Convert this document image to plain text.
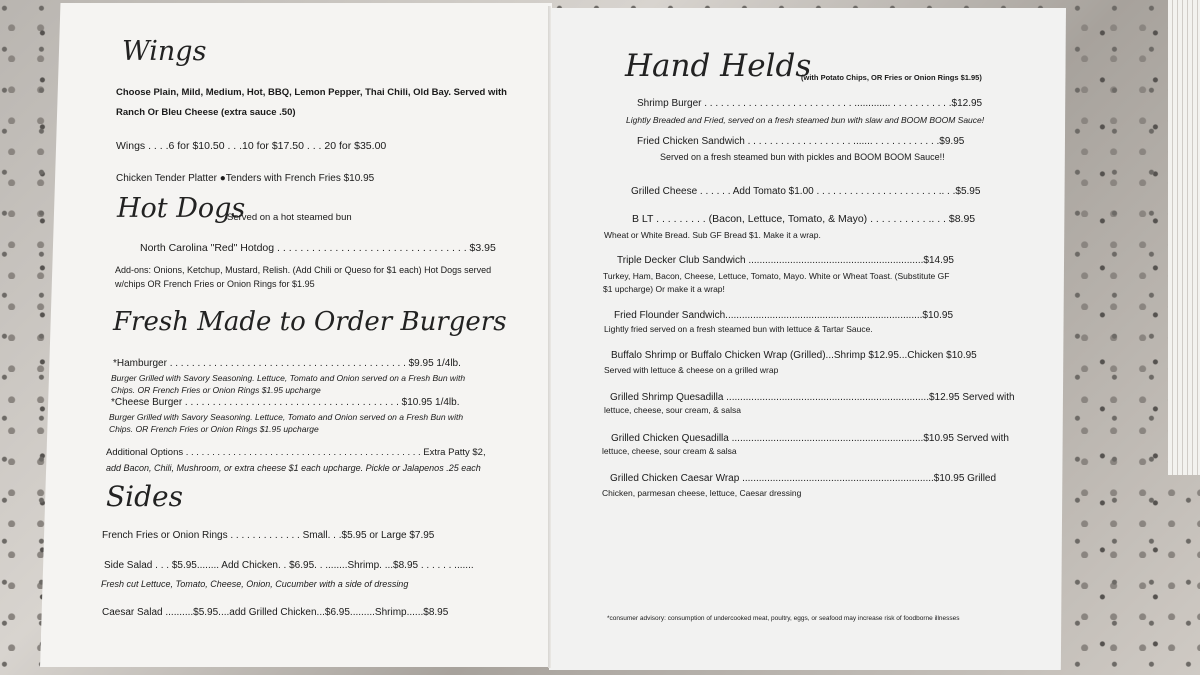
Wings
Choose Plain, Mild, Medium, Hot, BBQ, Lemon Pepper, Thai Chili, Old Bay. Served with
Ranch Or Bleu Cheese (extra sauce .50)
Wings . . . .6 for $10.50 . . .10 for $17.50 . . . 20 for $35.00
Chicken Tender Platter ●Tenders with French Fries $10.95
Hot Dogs
Served on a hot steamed bun
North Carolina "Red" Hotdog . . . . . . . . . . . . . . . . . . . . . . . . . . . . . . . . . $3.95
Add-ons: Onions, Ketchup, Mustard, Relish. (Add Chili or Queso for $1 each) Hot Dogs served
w/chips OR French Fries or Onion Rings for $1.95
Fresh Made to Order Burgers
*Hamburger . . . . . . . . . . . . . . . . . . . . . . . . . . . . . . . . . . . . . . . . . . . $9.95 1/4lb.
Burger Grilled with Savory Seasoning. Lettuce, Tomato and Onion served on a Fresh Bun with
Chips. OR French Fries or Onion Rings $1.95 upcharge
*Cheese Burger . . . . . . . . . . . . . . . . . . . . . . . . . . . . . . . . . . . . . . . $10.95 1/4lb.
Burger Grilled with Savory Seasoning. Lettuce, Tomato and Onion served on a Fresh Bun with
Chips. OR French Fries or Onion Rings $1.95 upcharge
Additional Options . . . . . . . . . . . . . . . . . . . . . . . . . . . . . . . . . . . . . . . . . . . . . Extra Patty $2,
add Bacon, Chili, Mushroom, or extra cheese $1 each upcharge. Pickle or Jalapenos .25 each
Sides
French Fries or Onion Rings . . . . . . . . . . . . . Small. . .$5.95 or Large $7.95
Side Salad . . . $5.95........ Add Chicken. . $6.95. . ........Shrimp. ...$8.95 . . . . . . .......
Fresh cut Lettuce, Tomato, Cheese, Onion, Cucumber with a side of dressing
Caesar Salad ..........$5.95....add Grilled Chicken...$6.95.........Shrimp......$8.95
Hand Helds
(with Potato Chips, OR Fries or Onion Rings $1.95)
Shrimp Burger . . . . . . . . . . . . . . . . . . . . . . . . . . . ............. . . . . . . . . . . .$12.95
Lightly Breaded and Fried, served on a fresh steamed bun with slaw and BOOM BOOM Sauce!
Fried Chicken Sandwich . . . . . . . . . . . . . . . . . . . ....... . . . . . . . . . . . .$9.95
Served on a fresh steamed bun with pickles and BOOM BOOM Sauce!!
Grilled Cheese . . . . . . Add Tomato $1.00 . . . . . . . . . . . . . . . . . . . . . . .. . .$5.95
B LT . . . . . . . . . (Bacon, Lettuce, Tomato, & Mayo) . . . . . . . . . . .. . . $8.95
Wheat or White Bread. Sub GF Bread $1. Make it a wrap.
Triple Decker Club Sandwich ...............................................................$14.95
Turkey, Ham, Bacon, Cheese, Lettuce, Tomato, Mayo. White or Wheat Toast. (Substitute GF
$1 upcharge) Or make it a wrap!
Fried Flounder Sandwich.......................................................................$10.95
Lightly fried served on a fresh steamed bun with lettuce & Tartar Sauce.
Buffalo Shrimp or Buffalo Chicken Wrap (Grilled)...Shrimp $12.95...Chicken $10.95
Served with lettuce & cheese on a grilled wrap
Grilled Shrimp Quesadilla .........................................................................$12.95 Served with
lettuce, cheese, sour cream, & salsa
Grilled Chicken Quesadilla .....................................................................$10.95 Served with
lettuce, cheese, sour cream & salsa
Grilled Chicken Caesar Wrap .....................................................................$10.95 Grilled
Chicken, parmesan cheese, lettuce, Caesar dressing
*consumer advisory: consumption of undercooked meat, poultry, eggs, or seafood may increase risk of foodborne illnesses
